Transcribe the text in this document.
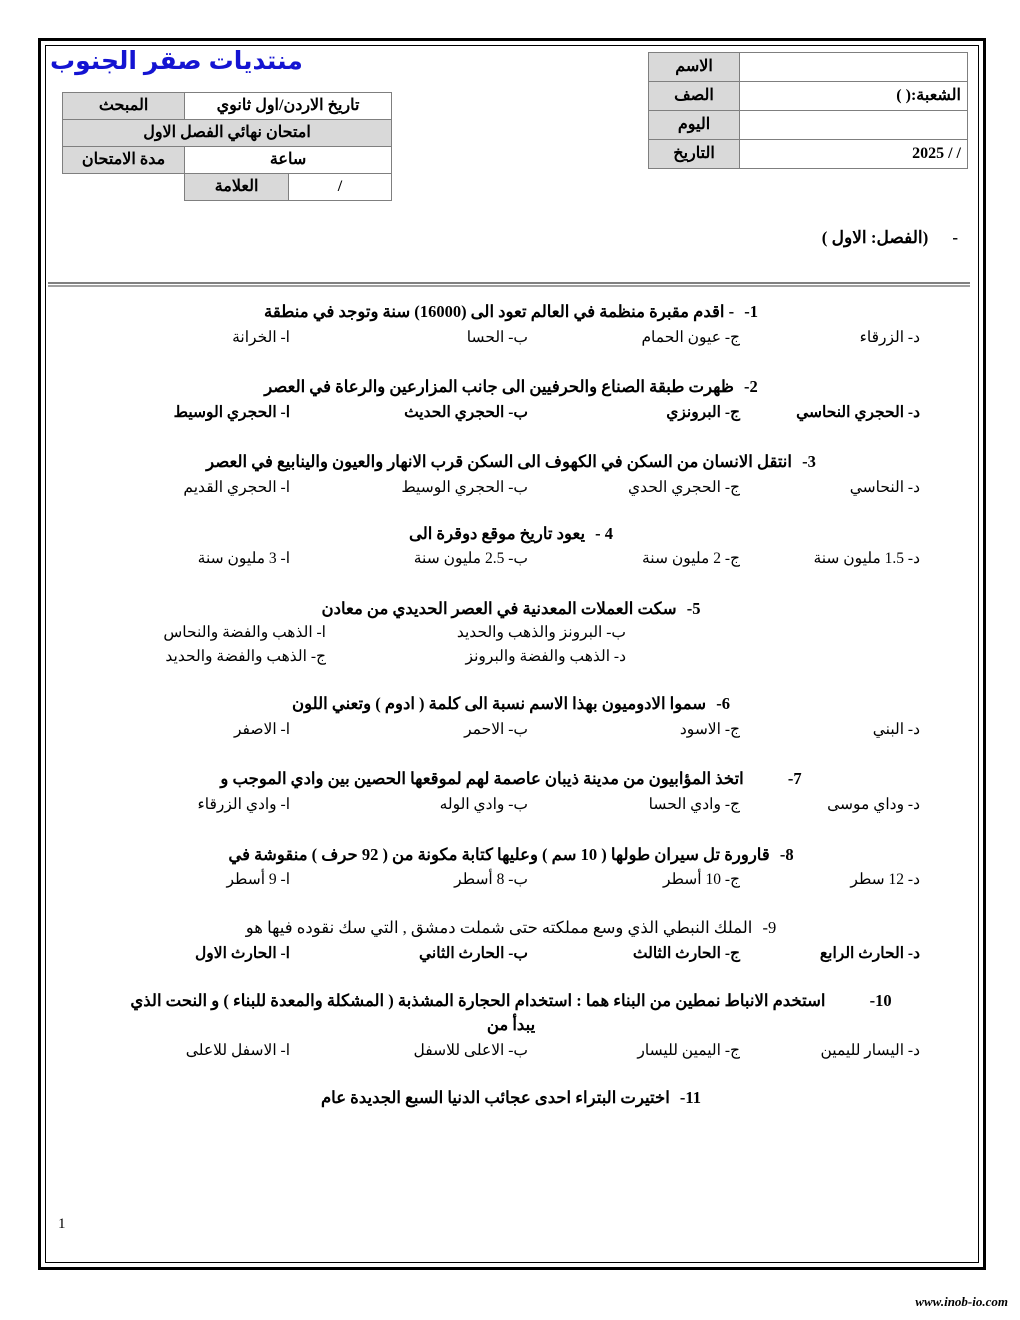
منتديات صقر الجنوب
		الاسم
الشعبة:( )	الصف
	اليوم
/ / 2025	التاريخ
تاريخ الاردن/اول ثانوي		المبحث
امتحان نهائي الفصل الاول		
ساعة		مدة الامتحان
/	العلامة	
-(الفصل: الاول )
1- - اقدم مقبرة منظمة في العالم تعود الى (16000) سنة وتوجد في منطقة
ا- الخرانة	ب- الحسا	ج- عيون الحمام	د- الزرقاء
2- ظهرت طبقة الصناع والحرفيين الى جانب المزارعين والرعاة في العصر
ا- الحجري الوسيط	ب- الحجري الحديث	ج- البرونزي	د- الحجري النحاسي
3- انتقل الانسان من السكن في الكهوف الى السكن قرب الانهار والعيون والينابيع في العصر
ا- الحجري القديم	ب- الحجري الوسيط	ج- الحجري الحدي	د- النحاسي
4 - يعود تاريخ موقع دوقرة الى
ا- 3 مليون سنة	ب- 2.5 مليون سنة	ج- 2 مليون سنة	د- 1.5 مليون سنة
5- سكت العملات المعدنية في العصر الحديدي من معادن
ا- الذهب والفضة والنحاس	ب- البرونز والذهب والحديد
ج- الذهب والفضة والحديد	د- الذهب والفضة والبرونز
6- سموا الادوميون بهذا الاسم نسبة الى كلمة ( ادوم ) وتعني اللون
ا- الاصفر	ب- الاحمر	ج- الاسود	د- البني
7- اتخذ المؤابيون من مدينة ذيبان عاصمة لهم لموقعها الحصين بين وادي الموجب و
ا- وادي الزرقاء	ب- وادي الوله	ج- وادي الحسا	د- وداي موسى
8- قارورة تل سيران طولها ( 10 سم ) وعليها كتابة مكونة من ( 92 حرف ) منقوشة في
ا- 9 أسطر	ب- 8 أسطر	ج- 10 أسطر	د- 12 سطر
9- الملك النبطي الذي وسع مملكته حتى شملت دمشق , التي سك نقوده فيها هو
ا- الحارث الاول	ب- الحارث الثاني	ج- الحارث الثالث	د- الحارث الرابع
10- استخدم الانباط نمطين من البناء هما : استخدام الحجارة المشذبة ( المشكلة والمعدة للبناء ) و النحت الذي
يبدأ من
ا- الاسفل للاعلى	ب- الاعلى للاسفل	ج- اليمين لليسار	د- اليسار لليمين
11- اختيرت البتراء احدى عجائب الدنيا السبع الجديدة عام
1
www.inob-io.com
